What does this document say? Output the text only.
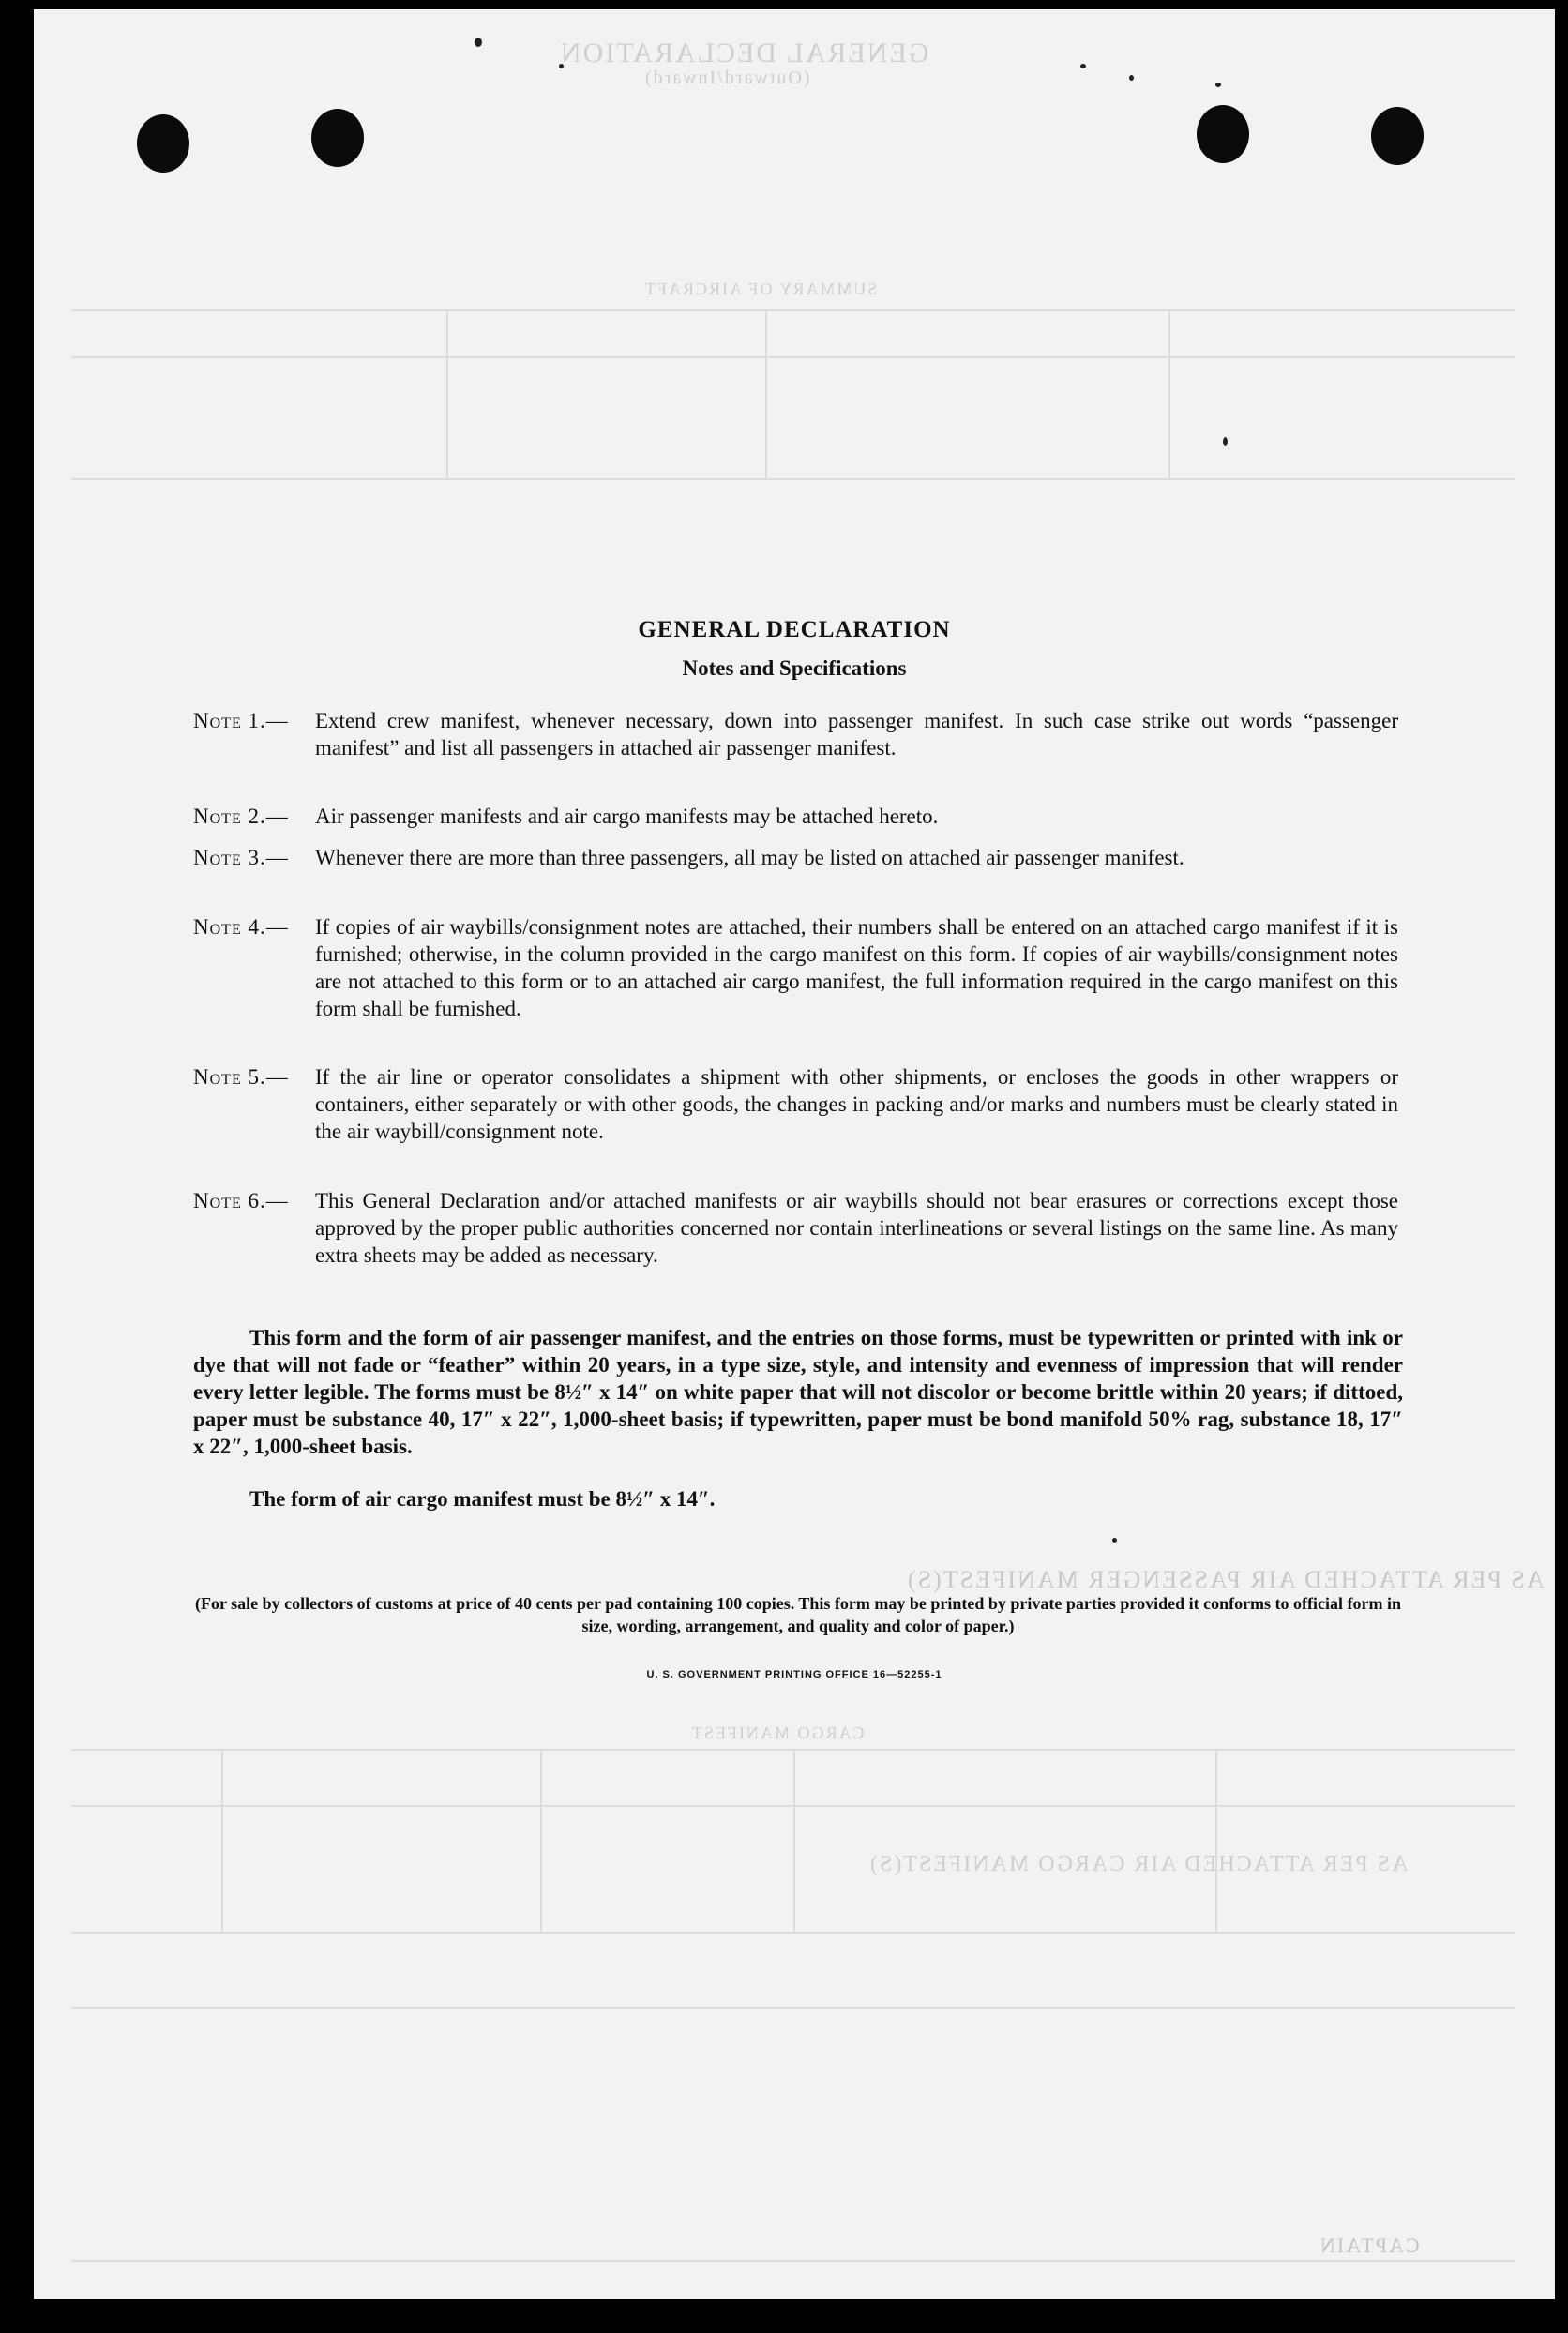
GENERAL DECLARATION
(Outward/Inward)
SUMMARY OF AIRCRAFT
AS PER ATTACHED AIR PASSENGER MANIFEST(S)
CARGO MANIFEST
AS PER ATTACHED AIR CARGO MANIFEST(S)
CAPTAIN
GENERAL DECLARATION
Notes and Specifications
Note 1.— Extend crew manifest, whenever necessary, down into passenger manifest. In such case strike out words “passenger manifest” and list all passengers in attached air passenger manifest.
Note 2.— Air passenger manifests and air cargo manifests may be attached hereto.
Note 3.— Whenever there are more than three passengers, all may be listed on attached air passenger manifest.
Note 4.— If copies of air waybills/consignment notes are attached, their numbers shall be entered on an attached cargo manifest if it is furnished; otherwise, in the column provided in the cargo manifest on this form. If copies of air waybills/consignment notes are not attached to this form or to an attached air cargo manifest, the full information required in the cargo manifest on this form shall be furnished.
Note 5.— If the air line or operator consolidates a shipment with other shipments, or encloses the goods in other wrappers or containers, either separately or with other goods, the changes in packing and/or marks and numbers must be clearly stated in the air waybill/consignment note.
Note 6.— This General Declaration and/or attached manifests or air waybills should not bear erasures or corrections except those approved by the proper public authorities concerned nor contain interlineations or several listings on the same line. As many extra sheets may be added as necessary.
This form and the form of air passenger manifest, and the entries on those forms, must be typewritten or printed with ink or dye that will not fade or “feather” within 20 years, in a type size, style, and intensity and evenness of impression that will render every letter legible. The forms must be 8½″ x 14″ on white paper that will not discolor or become brittle within 20 years; if dittoed, paper must be substance 40, 17″ x 22″, 1,000-sheet basis; if typewritten, paper must be bond manifold 50% rag, substance 18, 17″ x 22″, 1,000-sheet basis.
The form of air cargo manifest must be 8½″ x 14″.
(For sale by collectors of customs at price of 40 cents per pad containing 100 copies. This form may be printed by private parties provided it conforms to official form in size, wording, arrangement, and quality and color of paper.)
U. S. GOVERNMENT PRINTING OFFICE 16—52255-1
